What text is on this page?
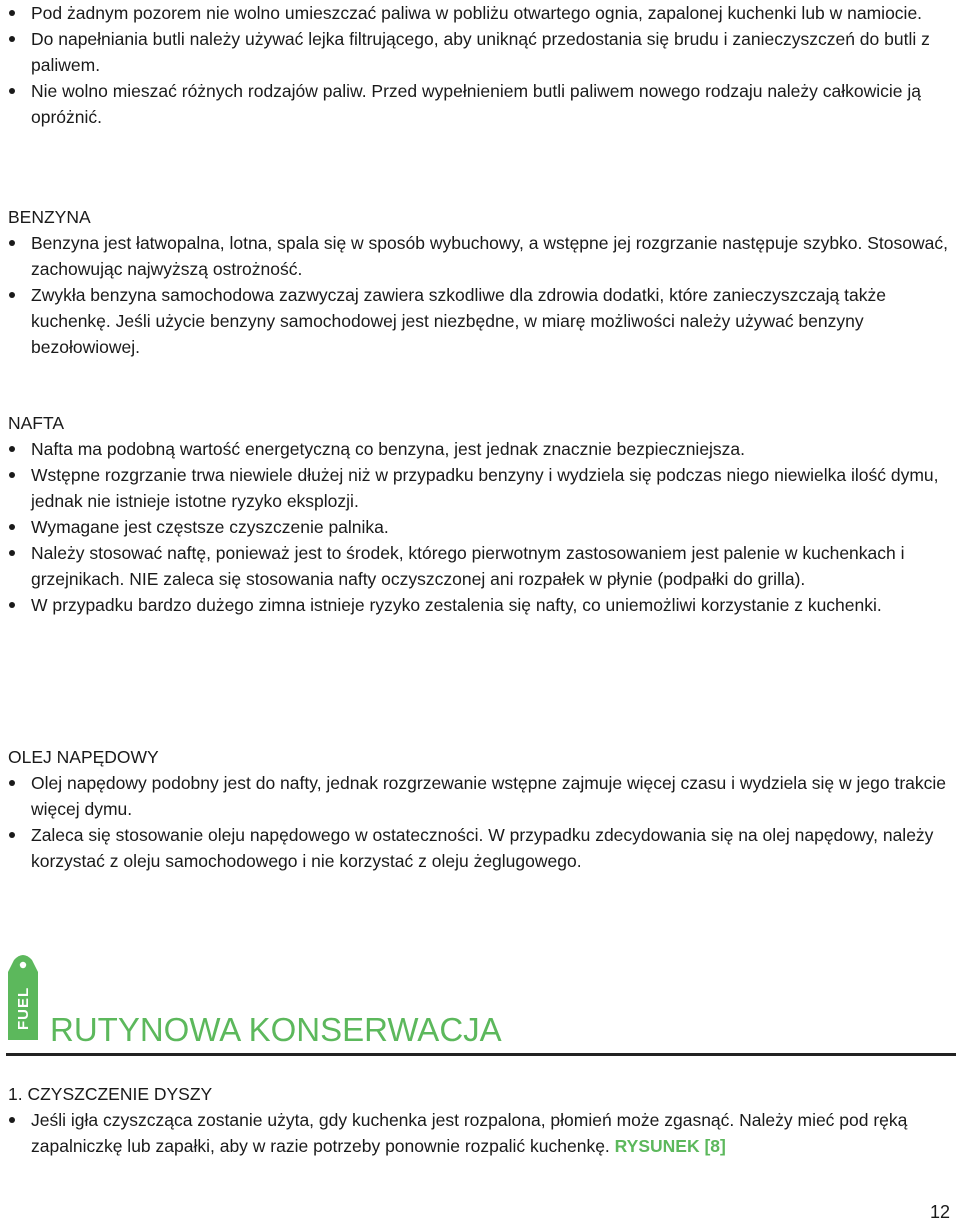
Pod żadnym pozorem nie wolno umieszczać paliwa w pobliżu otwartego ognia, zapalonej kuchenki lub w namiocie.
Do napełniania butli należy używać lejka filtrującego, aby uniknąć przedostania się brudu i zanieczyszczeń do butli z paliwem.
Nie wolno mieszać różnych rodzajów paliw. Przed wypełnieniem butli paliwem nowego rodzaju należy całkowicie ją opróżnić.
BENZYNA
Benzyna jest łatwopalna, lotna, spala się w sposób wybuchowy, a wstępne jej rozgrzanie następuje szybko. Stosować, zachowując najwyższą ostrożność.
Zwykła benzyna samochodowa zazwyczaj zawiera szkodliwe dla zdrowia dodatki, które zanieczyszczają także kuchenkę. Jeśli użycie benzyny samochodowej jest niezbędne, w miarę możliwości należy używać benzyny bezołowiowej.
NAFTA
Nafta ma podobną wartość energetyczną co benzyna, jest jednak znacznie bezpieczniejsza.
Wstępne rozgrzanie trwa niewiele dłużej niż w przypadku benzyny i wydziela się podczas niego niewielka ilość dymu, jednak nie istnieje istotne ryzyko eksplozji.
Wymagane jest częstsze czyszczenie palnika.
Należy stosować naftę, ponieważ jest to środek, którego pierwotnym zastosowaniem jest palenie w kuchenkach i grzejnikach. NIE zaleca się stosowania nafty oczyszczonej ani rozpałek w płynie (podpałki do grilla).
W przypadku bardzo dużego zimna istnieje ryzyko zestalenia się nafty, co uniemożliwi korzystanie z kuchenki.
OLEJ NAPĘDOWY
Olej napędowy podobny jest do nafty, jednak rozgrzewanie wstępne zajmuje więcej czasu i wydziela się w jego trakcie więcej dymu.
Zaleca się stosowanie oleju napędowego w ostateczności. W przypadku zdecydowania się na olej napędowy, należy korzystać z oleju samochodowego i nie korzystać z oleju żeglugowego.
FUEL RUTYNOWA KONSERWACJA
1. CZYSZCZENIE DYSZY
Jeśli igła czyszcząca zostanie użyta, gdy kuchenka jest rozpalona, płomień może zgasnąć. Należy mieć pod ręką zapalniczkę lub zapałki, aby w razie potrzeby ponownie rozpalić kuchenkę. RYSUNEK [8]
12
